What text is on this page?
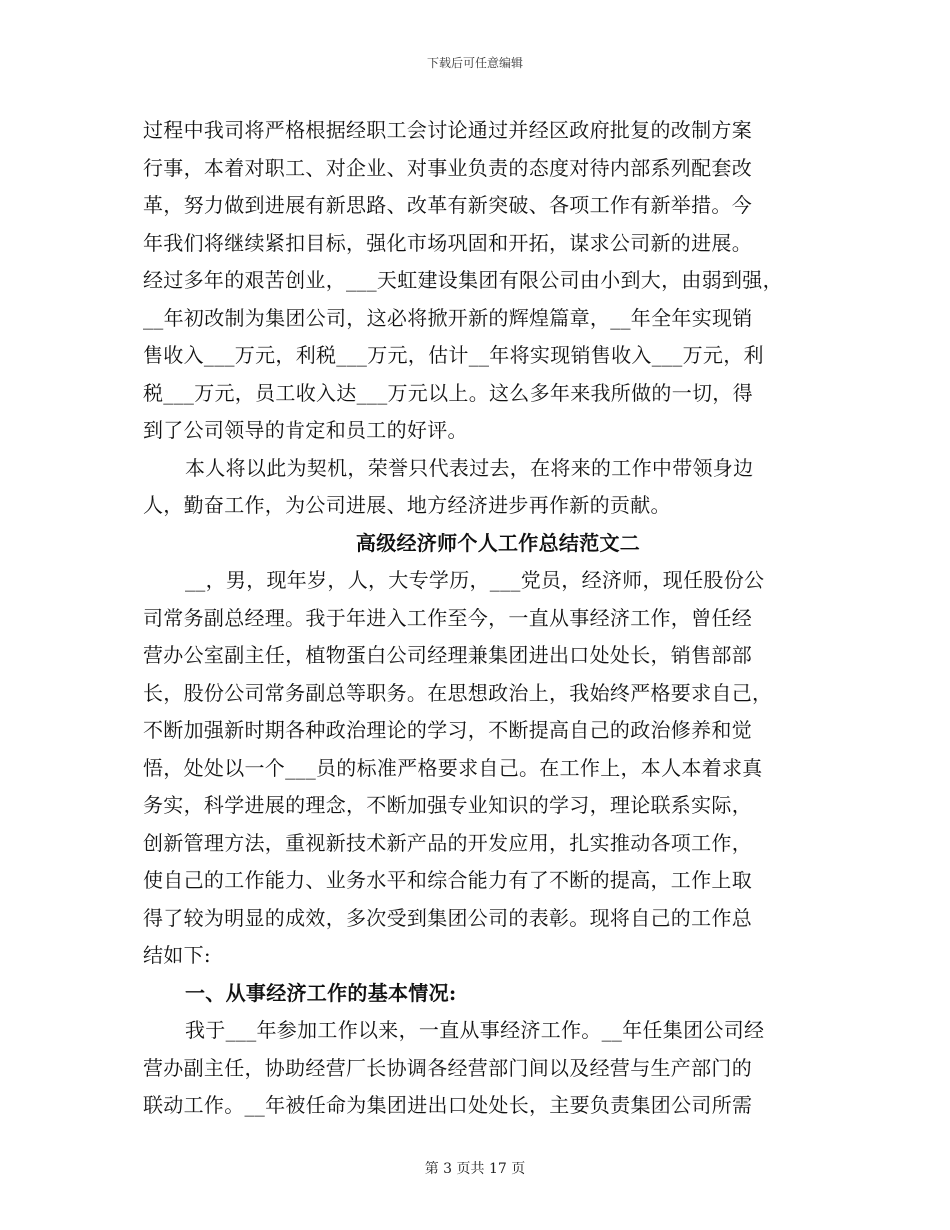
下载后可任意编辑
过程中我司将严格根据经职工会讨论通过并经区政府批复的改制方案
行事，本着对职工、对企业、对事业负责的态度对待内部系列配套改
革，努力做到进展有新思路、改革有新突破、各项工作有新举措。今
年我们将继续紧扣目标，强化市场巩固和开拓，谋求公司新的进展。
经过多年的艰苦创业，___天虹建设集团有限公司由小到大，由弱到强，
__年初改制为集团公司，这必将掀开新的辉煌篇章，__年全年实现销
售收入___万元，利税___万元，估计__年将实现销售收入___万元，利
税___万元，员工收入达___万元以上。这么多年来我所做的一切，得
到了公司领导的肯定和员工的好评。
本人将以此为契机，荣誉只代表过去，在将来的工作中带领身边
人，勤奋工作，为公司进展、地方经济进步再作新的贡献。
高级经济师个人工作总结范文二
__，男，现年岁，人，大专学历，___党员，经济师，现任股份公
司常务副总经理。我于年进入工作至今，一直从事经济工作，曾任经
营办公室副主任，植物蛋白公司经理兼集团进出口处处长，销售部部
长，股份公司常务副总等职务。在思想政治上，我始终严格要求自己，
不断加强新时期各种政治理论的学习，不断提高自己的政治修养和觉
悟，处处以一个___员的标准严格要求自己。在工作上，本人本着求真
务实，科学进展的理念，不断加强专业知识的学习，理论联系实际，
创新管理方法，重视新技术新产品的开发应用，扎实推动各项工作，
使自己的工作能力、业务水平和综合能力有了不断的提高，工作上取
得了较为明显的成效，多次受到集团公司的表彰。现将自己的工作总
结如下:
一、从事经济工作的基本情况:
我于___年参加工作以来，一直从事经济工作。__年任集团公司经
营办副主任，协助经营厂长协调各经营部门间以及经营与生产部门的
联动工作。__年被任命为集团进出口处处长，主要负责集团公司所需
第 3 页共 17 页
